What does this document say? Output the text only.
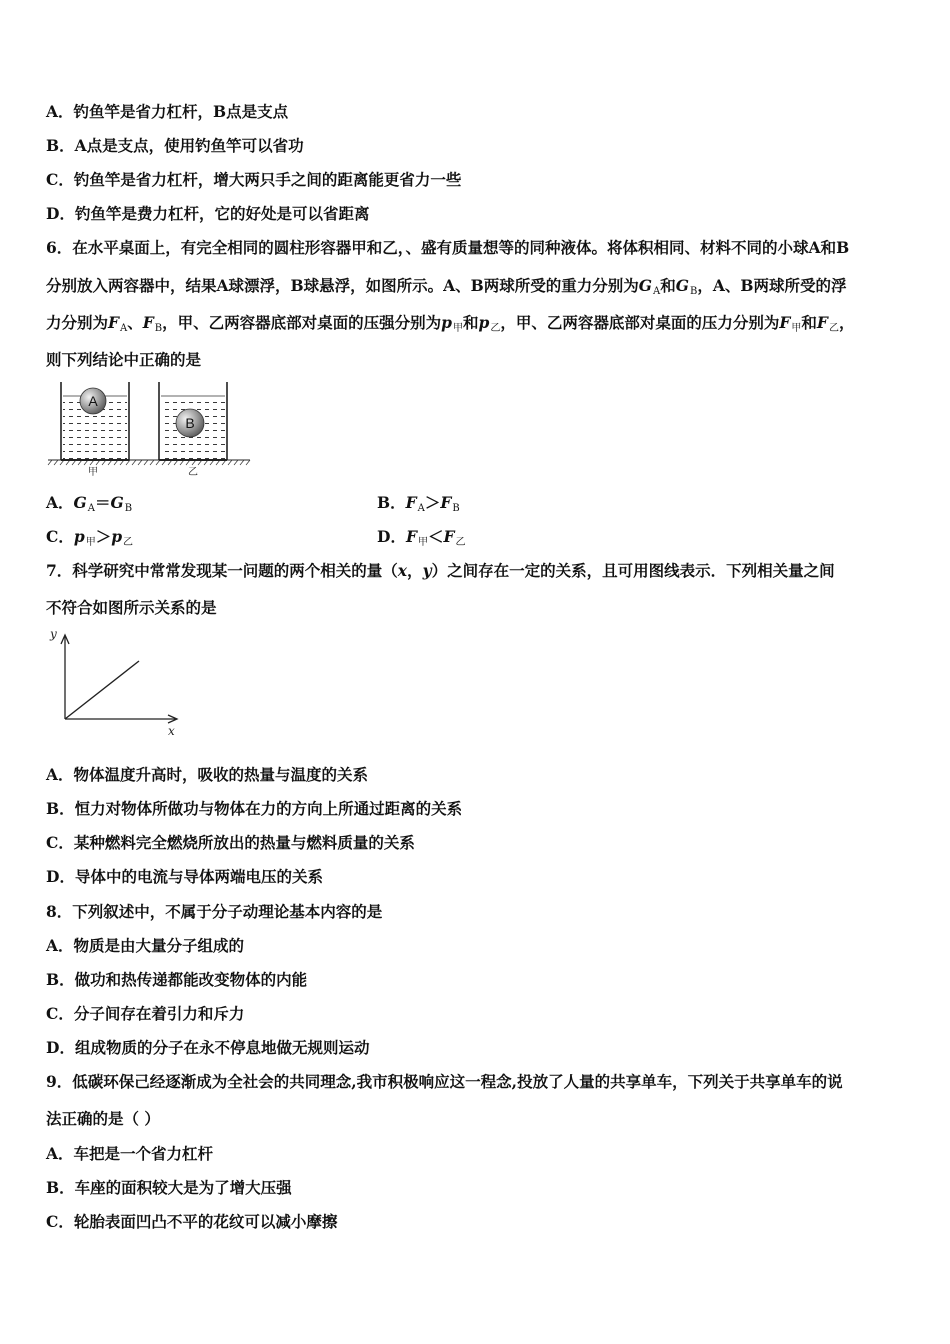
A．钓鱼竿是省力杠杆，B点是支点
B．A点是支点，使用钓鱼竿可以省功
C．钓鱼竿是省力杠杆，增大两只手之间的距离能更省力一些
D．钓鱼竿是费力杠杆，它的好处是可以省距离
6．在水平桌面上，有完全相同的圆柱形容器甲和乙，、盛有质量想等的同种液体。将体积相同、材料不同的小球A和B
分别放入两容器中，结果A球漂浮，B球悬浮，如图所示。A、B两球所受的重力分别为$G_A$和$G_B$，A、B两球所受的浮
力分别为$F_A$、$F_B$，甲、乙两容器底部对桌面的压强分别为$p_甲$和$p_乙$，甲、乙两容器底部对桌面的压力分别为$F_甲$和$F_乙$，
则下列结论中正确的是
A
B
甲	乙
A．$G_A=G_B$	B．$F_A>F_B$
C．$p_甲>p_乙$	D．$F_甲<F_乙$
7．科学研究中常常发现某一问题的两个相关的量（x，y）之间存在一定的关系，且可用图线表示．下列相关量之间
不符合如图所示关系的是
y
x
A．物体温度升高时，吸收的热量与温度的关系
B．恒力对物体所做功与物体在力的方向上所通过距离的关系
C．某种燃料完全燃烧所放出的热量与燃料质量的关系
D．导体中的电流与导体两端电压的关系
8．下列叙述中，不属于分子动理论基本内容的是
A．物质是由大量分子组成的
B．做功和热传递都能改变物体的内能
C．分子间存在着引力和斥力
D．组成物质的分子在永不停息地做无规则运动
9．低碳环保己经逐渐成为全社会的共同理念,我市积极响应这一程念,投放了人量的共享单车，下列关于共享单车的说
法正确的是（ ）
A．车把是一个省力杠杆
B．车座的面积较大是为了增大压强
C．轮胎表面凹凸不平的花纹可以减小摩擦
